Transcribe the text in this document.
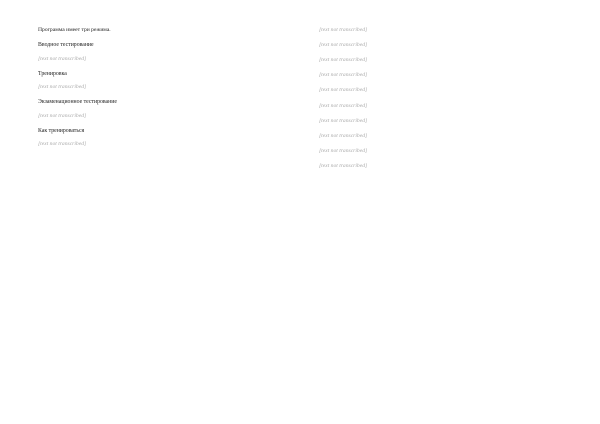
Программа имеет три режима.

Вводное тестирование

[text not transcribed]

Тренировка

[text not transcribed]

Экзаменационное тестирование

[text not transcribed]

Как тренироваться

[text not transcribed]

[text not transcribed]

[text not transcribed]

[text not transcribed]

[text not transcribed]

[text not transcribed]

[text not transcribed]

[text not transcribed]

[text not transcribed]

[text not transcribed]

[text not transcribed]
